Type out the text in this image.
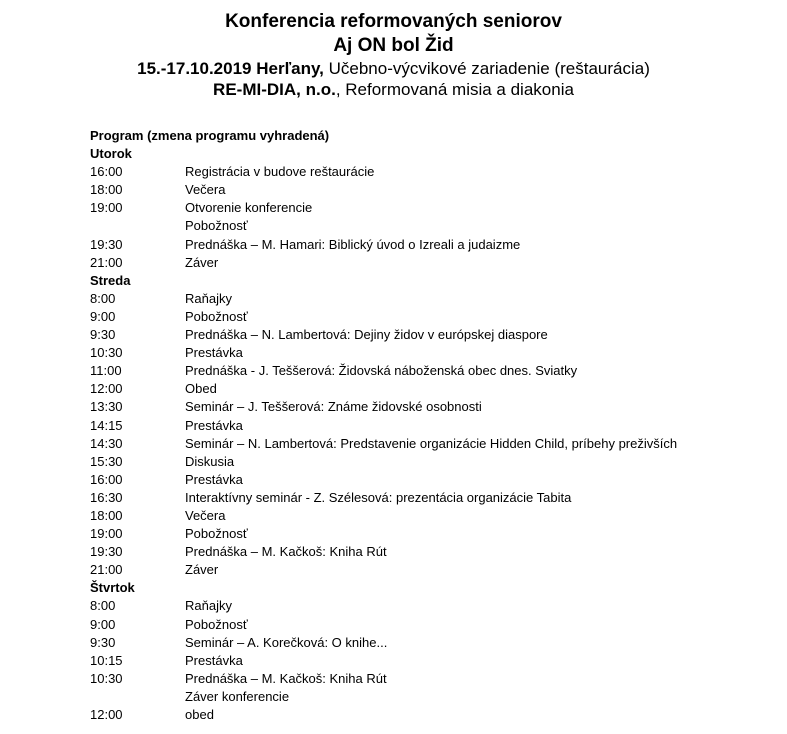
Konferencia reformovaných seniorov
Aj ON bol Žid
15.-17.10.2019 Herľany, Učebno-výcvikové zariadenie (reštaurácia)
RE-MI-DIA, n.o., Reformovaná misia a diakonia
Program (zmena programu vyhradená)
Utorok
16:00	Registrácia v budove reštaurácie
18:00	Večera
19:00	Otvorenie konferencie
Pobožnosť
19:30	Prednáška – M. Hamari: Biblický úvod o Izreali a judaizme
21:00	Záver
Streda
8:00	Raňajky
9:00	Pobožnosť
9:30	Prednáška – N. Lambertová: Dejiny židov v európskej diaspore
10:30	Prestávka
11:00	Prednáška - J. Teššerová: Židovská náboženská obec dnes. Sviatky
12:00	Obed
13:30	Seminár – J. Teššerová: Známe židovské osobnosti
14:15	Prestávka
14:30	Seminár – N. Lambertová: Predstavenie organizácie Hidden Child, príbehy preživších
15:30	Diskusia
16:00	Prestávka
16:30	Interaktívny seminár - Z. Szélesová: prezentácia organizácie Tabita
18:00	Večera
19:00	Pobožnosť
19:30	Prednáška – M. Kačkoš: Kniha Rút
21:00	Záver
Štvrtok
8:00	Raňajky
9:00	Pobožnosť
9:30	Seminár – A. Korečková: O knihe...
10:15	Prestávka
10:30	Prednáška – M. Kačkoš: Kniha Rút
Záver konferencie
12:00	obed
